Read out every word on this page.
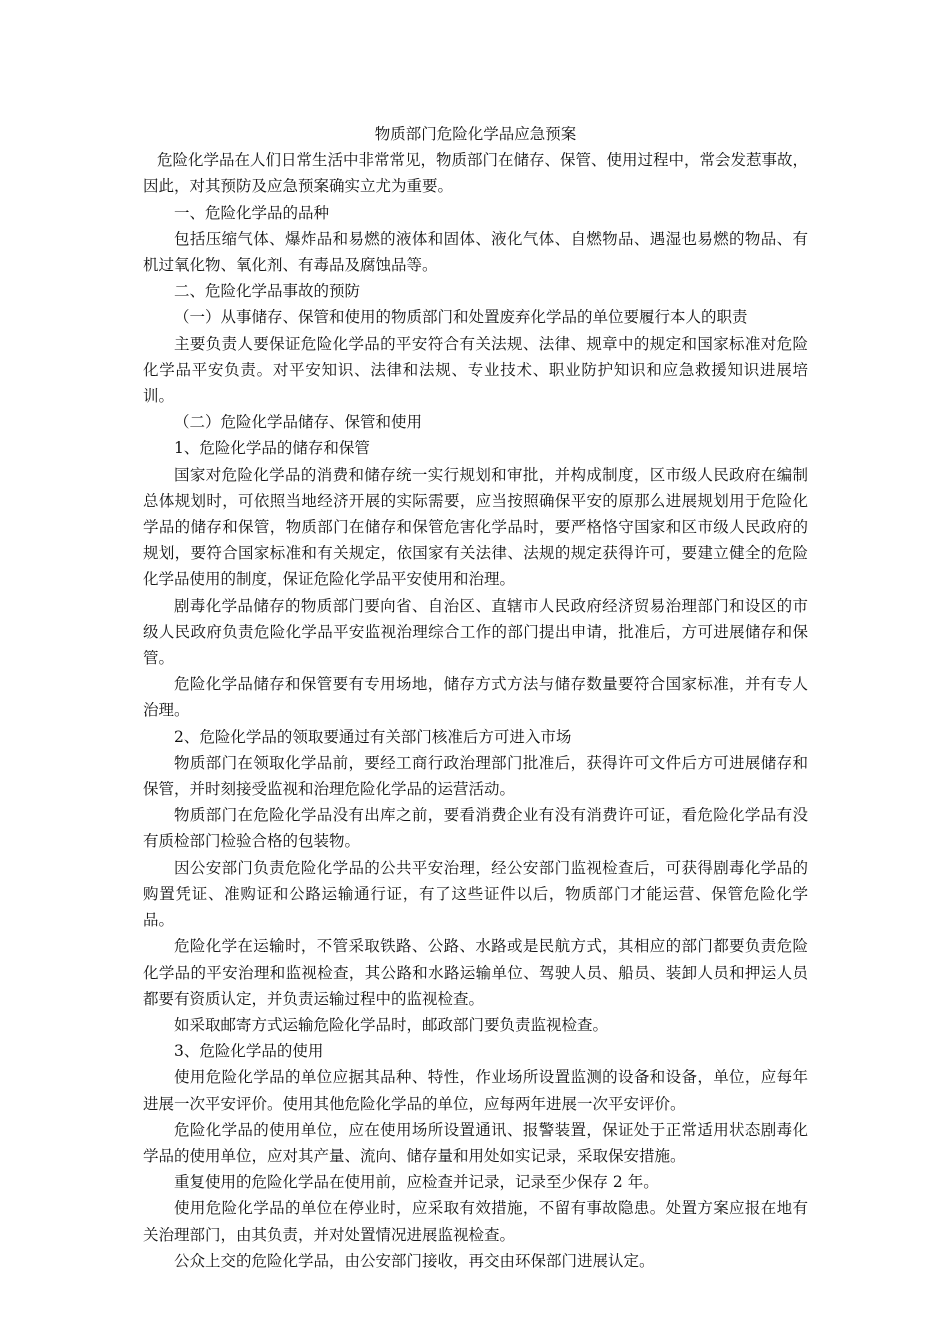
物质部门危险化学品应急预案

危险化学品在人们日常生活中非常常见，物质部门在储存、保管、使用过程中，常会发惹事故，因此，对其预防及应急预案确实立尤为重要。

一、危险化学品的品种

包括压缩气体、爆炸品和易燃的液体和固体、液化气体、自燃物品、遇湿也易燃的物品、有机过氧化物、氧化剂、有毒品及腐蚀品等。

二、危险化学品事故的预防

（一）从事储存、保管和使用的物质部门和处置废弃化学品的单位要履行本人的职责

主要负责人要保证危险化学品的平安符合有关法规、法律、规章中的规定和国家标准对危险化学品平安负责。对平安知识、法律和法规、专业技术、职业防护知识和应急救援知识进展培训。

（二）危险化学品储存、保管和使用

1、危险化学品的储存和保管

国家对危险化学品的消费和储存统一实行规划和审批，并构成制度，区市级人民政府在编制总体规划时，可依照当地经济开展的实际需要，应当按照确保平安的原那么进展规划用于危险化学品的储存和保管，物质部门在储存和保管危害化学品时，要严格恪守国家和区市级人民政府的规划，要符合国家标准和有关规定，依国家有关法律、法规的规定获得许可，要建立健全的危险化学品使用的制度，保证危险化学品平安使用和治理。

剧毒化学品储存的物质部门要向省、自治区、直辖市人民政府经济贸易治理部门和设区的市级人民政府负责危险化学品平安监视治理综合工作的部门提出申请，批准后，方可进展储存和保管。

危险化学品储存和保管要有专用场地，储存方式方法与储存数量要符合国家标准，并有专人治理。

2、危险化学品的领取要通过有关部门核准后方可进入市场

物质部门在领取化学品前，要经工商行政治理部门批准后，获得许可文件后方可进展储存和保管，并时刻接受监视和治理危险化学品的运营活动。

物质部门在危险化学品没有出库之前，要看消费企业有没有消费许可证，看危险化学品有没有质检部门检验合格的包装物。

因公安部门负责危险化学品的公共平安治理，经公安部门监视检查后，可获得剧毒化学品的购置凭证、准购证和公路运输通行证，有了这些证件以后，物质部门才能运营、保管危险化学品。

危险化学在运输时，不管采取铁路、公路、水路或是民航方式，其相应的部门都要负责危险化学品的平安治理和监视检查，其公路和水路运输单位、驾驶人员、船员、装卸人员和押运人员都要有资质认定，并负责运输过程中的监视检查。

如采取邮寄方式运输危险化学品时，邮政部门要负责监视检查。

3、危险化学品的使用

使用危险化学品的单位应据其品种、特性，作业场所设置监测的设备和设备，单位，应每年进展一次平安评价。使用其他危险化学品的单位，应每两年进展一次平安评价。

危险化学品的使用单位，应在使用场所设置通讯、报警装置，保证处于正常适用状态剧毒化学品的使用单位，应对其产量、流向、储存量和用处如实记录，采取保安措施。

重复使用的危险化学品在使用前，应检查并记录，记录至少保存 2 年。

使用危险化学品的单位在停业时，应采取有效措施，不留有事故隐患。处置方案应报在地有关治理部门，由其负责，并对处置情况进展监视检查。

公众上交的危险化学品，由公安部门接收，再交由环保部门进展认定。
